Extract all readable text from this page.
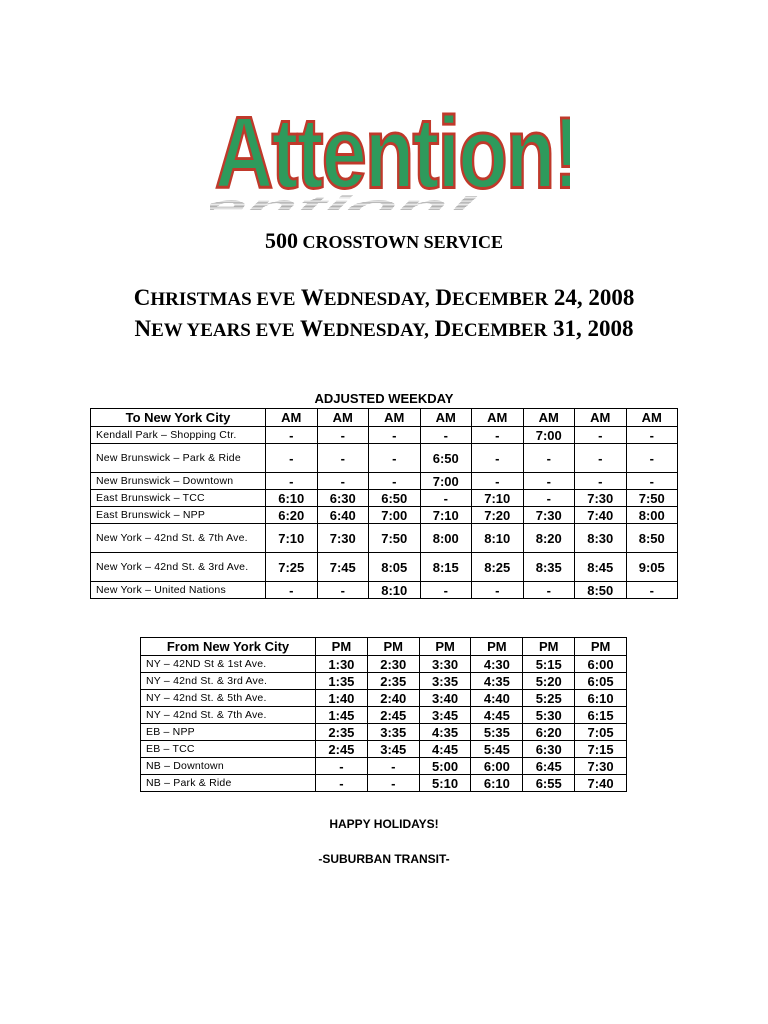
Attention!
Attention!
500 CROSSTOWN SERVICE
CHRISTMAS EVE WEDNESDAY, DECEMBER 24, 2008
NEW YEARS EVE WEDNESDAY, DECEMBER 31, 2008
ADJUSTED WEEKDAY
To New York City	AM	AM	AM	AM	AM	AM	AM	AM
Kendall Park – Shopping Ctr.	-	-	-	-	-	7:00	-	-
New Brunswick – Park & Ride	-	-	-	6:50	-	-	-	-
New Brunswick – Downtown	-	-	-	7:00	-	-	-	-
East Brunswick – TCC	6:10	6:30	6:50	-	7:10	-	7:30	7:50
East Brunswick – NPP	6:20	6:40	7:00	7:10	7:20	7:30	7:40	8:00
New York – 42nd St. & 7th Ave.	7:10	7:30	7:50	8:00	8:10	8:20	8:30	8:50
New York – 42nd St. & 3rd Ave.	7:25	7:45	8:05	8:15	8:25	8:35	8:45	9:05
New York – United Nations	-	-	8:10	-	-	-	8:50	-
From New York City	PM	PM	PM	PM	PM	PM
NY – 42ND St & 1st Ave.	1:30	2:30	3:30	4:30	5:15	6:00
NY – 42nd St. & 3rd Ave.	1:35	2:35	3:35	4:35	5:20	6:05
NY – 42nd St. & 5th Ave.	1:40	2:40	3:40	4:40	5:25	6:10
NY – 42nd St. & 7th Ave.	1:45	2:45	3:45	4:45	5:30	6:15
EB – NPP	2:35	3:35	4:35	5:35	6:20	7:05
EB – TCC	2:45	3:45	4:45	5:45	6:30	7:15
NB – Downtown	-	-	5:00	6:00	6:45	7:30
NB – Park & Ride	-	-	5:10	6:10	6:55	7:40
HAPPY HOLIDAYS!
-SUBURBAN TRANSIT-
